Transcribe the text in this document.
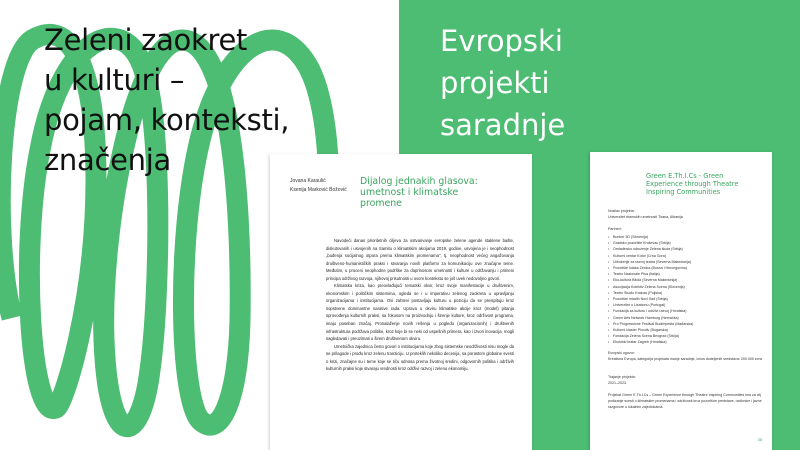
Zeleni zaokret
u kulturi –
pojam, konteksti,
značenja
Evropski
projekti
saradnje
Jovana Karaulić
Ksenija Marković Božović
Dijalog jednakih glasova:
umetnost i klimatske
promene

Navodeći danas prioritetnih ciljeva za ostvarivanje evropske zelene agende staklene bašte, diskutovanih i usvojenih na Samitu o klimatskim akcijama 2019. godine, usvojena je i neophodnost „buđenja socijalnog otpora prema klimatskim promenama", tj. neophodnost većeg angažovanja društveno-humanističkih praksi i stvaranja novih platformi za komunikaciju ove značajne teme. Međutim, u proceni neophodne podrške za doprinosom umetnosti i kulture u održavanju i primeni principa održivog razvoja, njihovoj prisutnosti u ovom kontekstu se još uvek nedovoljno govori.

Klimatska kriza, kao preovlađujući tematski okvir, kroz svoje manifestacije u društvenim, ekonomskim i političkim sistemima, ogleda se i u imperativu zelenog zaokreta u upravljanju organizacijama i institucijama. Ovi zahtevi postavljaju kulturu u poziciju da se preispituju kroz sopstvene dominantne narative rada. Uprava u okviru klimatske akcije kroz (model) pitanja sprovođenja kulturnih praksi, sa fokusom na proizvodnju i širenje kulture, kroz održivost programa, imaju poseban značaj. Pronalaženje novih rešenja u pogledu (organizacionih) i društvenih infrastruktura podržava politike, kroz koje bi se neki od uspešnih primera, kao i izvori inovacija, mogli sagledavati i preuzimati u širem društvenom okviru.

Umetnička zajednica često govori o institucijama koje zbog sistemske neodrživosti nisu mogle da se prilagode i prođu kroz zelenu tranziciju. U proteklih nekoliko decenija, sa porastom globalne svesti o krizi, značajne su i teme koje se tiču odnosa prema životnoj sredini, odgovornih politika i održivih kulturnih praksi koje stvaraju vrednosti kroz održivi razvoj i zelenu ekonomiju.

Green E.Th.I.Cs - Green
Experience through Theatre
Inspiring Communities
Nosilac projekta:
Univerzitet dramskih umetnosti Tirana, Albanija
Partneri:
• Bunker 3D (Slovenija)
• Gradsko pozorište Kruševac (Srbija)
• Omladinsko udruženje Zelena škola (Srbija)
• Kulturni centar Kotor (Crna Gora)
• Udruženje za razvoj teatra (Severna Makedonija)
• Pozorište lutaka Zenica (Bosna i Hercegovina)
• Teatro Nazionale Pisa (Italija)
• Eko-kultura Bitola (Severna Makedonija)
• Asocijacija Kolektiv Zelena Scena (Slovenija)
• Teatro Studio Krakow (Poljska)
• Pozorište mladih Novi Sad (Srbija)
• Univerzitet u Lisabonu (Portugal)
• Fundacija za kulturu i održivi razvoj (Hrvatska)
• Green Arts Network Hamburg (Nemačka)
• Pro Progressione Festival Budimpešta (Mađarska)
• Kulturni klaster Plovdiv (Bugarska)
• Fondacija Zelena Scena Beograd (Srbija)
• Ekološki teatar Zagreb (Hrvatska)
Evropski ugovor:
Kreativna Evropa, kategorija projekata manje saradnje, iznos dodeljenih sredstava: 200.000 evra
Trajanje projekta:
2021–2023.
Projekat Green E.Th.I.Cs – Green Experience through Theatre Inspiring Communities ima za cilj podizanje svesti o klimatskim promenama i održivosti kroz pozorišne predstave, radionice i javne razgovore u lokalnim zajednicama.
35
